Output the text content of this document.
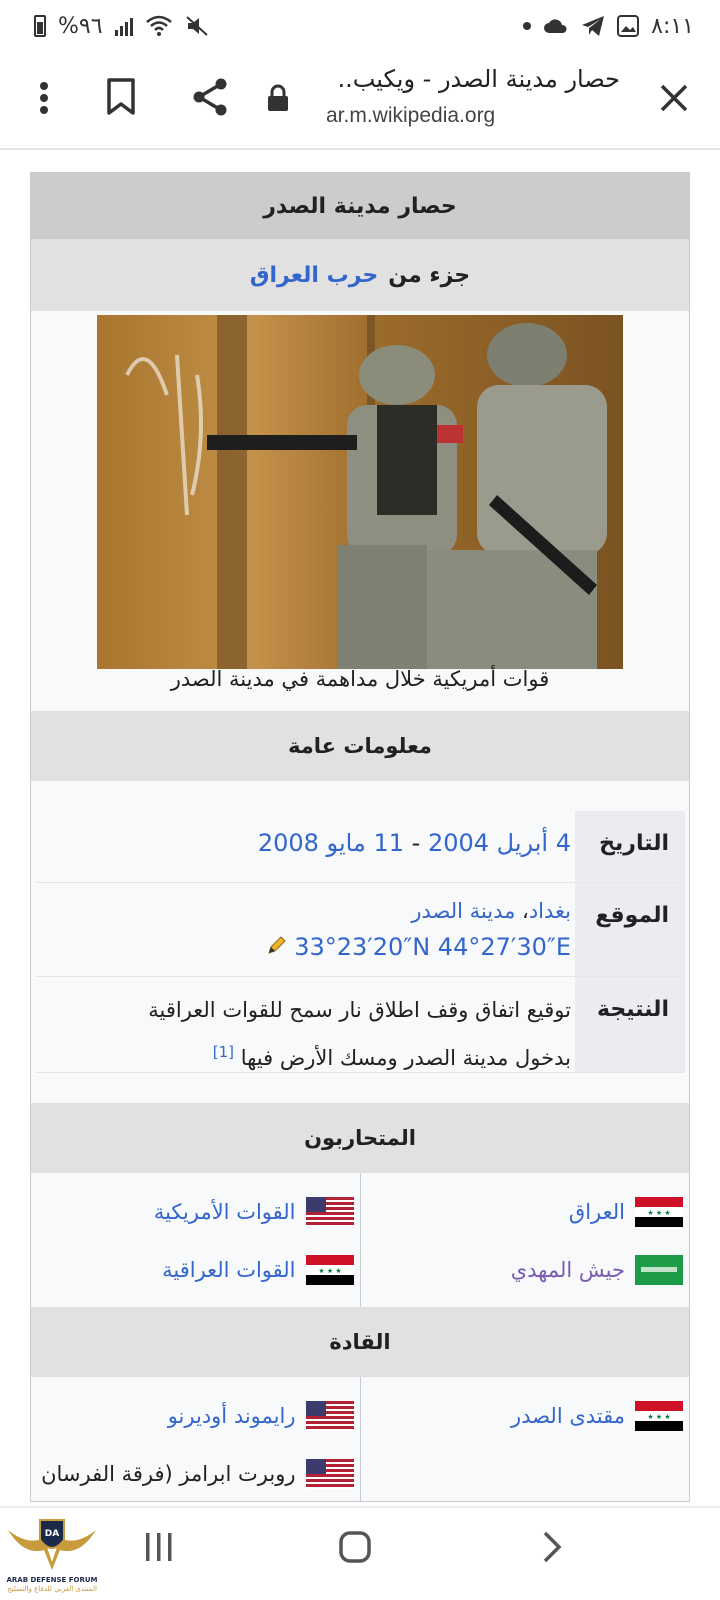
%٩٦	٨:١١
حصار مدينة الصدر - ويكيب..
ar.m.wikipedia.org
حصار مدينة الصدر
جزء من
حرب العراق
قوات أمريكية خلال مداهمة في مدينة الصدر
معلومات عامة
التاريخ
4 أبريل 2004 - 11 مايو 2008
الموقع
بغداد، مدينة الصدر
33°23′20″N 44°27′30″E
النتيجة
توقيع اتفاق وقف اطلاق نار سمح للقوات العراقية
بدخول مدينة الصدر ومسك الأرض فيها [1]
المتحاربون
★ ★ ★
العراق
جيش المهدي
القوات الأمريكية
★ ★ ★
القوات العراقية
القادة
★ ★ ★
مقتدى الصدر
رايموند أوديرنو
روبرت ابرامز (فرقة الفرسان
DA
ARAB DEFENSE FORUM
المنتدى العربي للدفاع والتسليح
